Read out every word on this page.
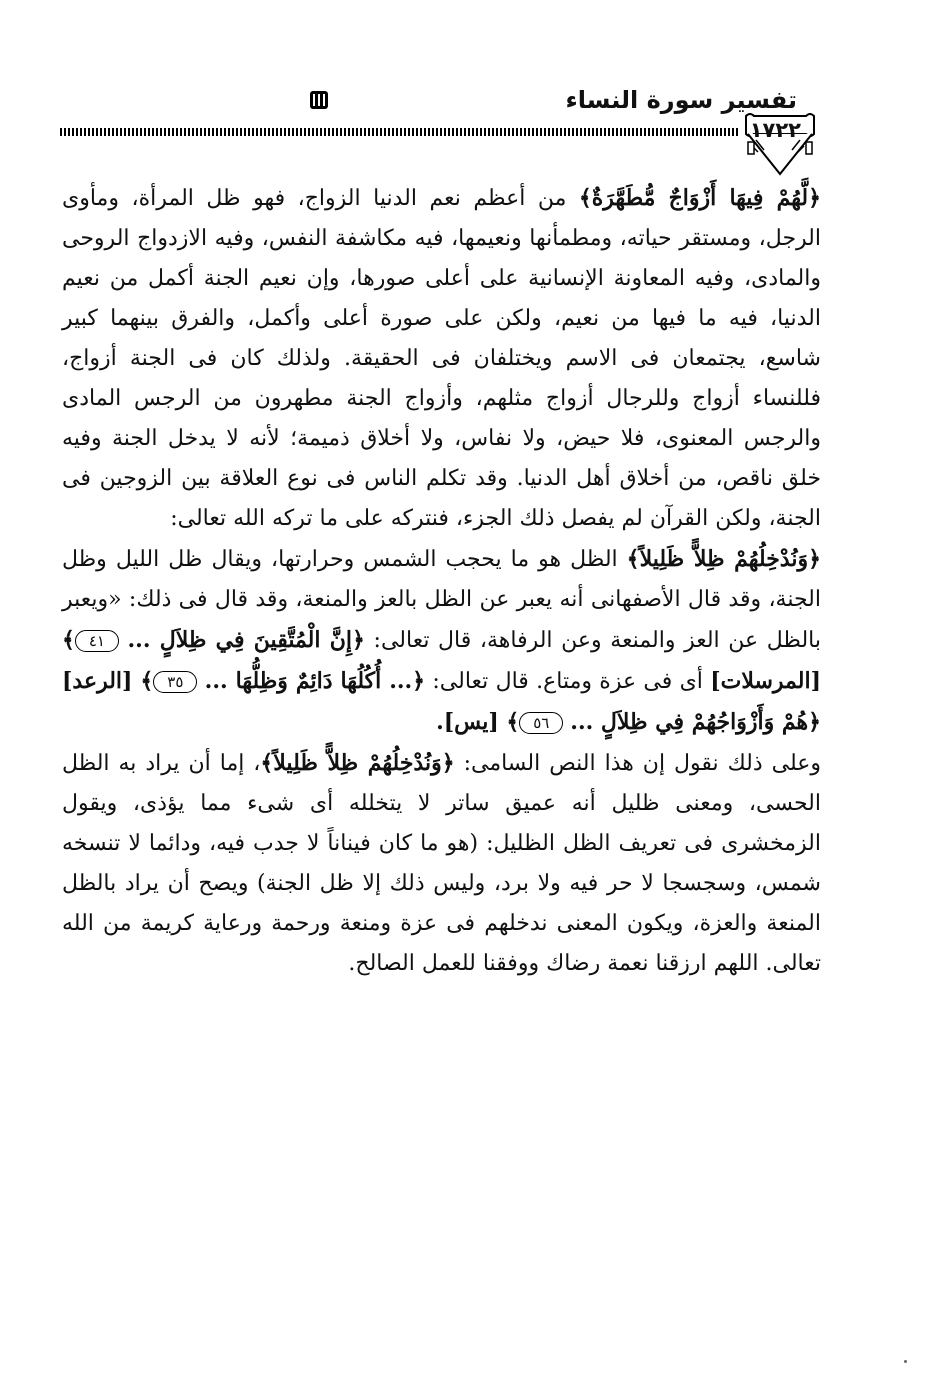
تفسير سورة النساء
١٧٢٢

﴿لَّهُمْ فِيهَا أَزْوَاجٌ مُّطَهَّرَةٌ﴾ من أعظم نعم الدنيا الزواج، فهو ظل المرأة، ومأوى الرجل، ومستقر حياته، ومطمأنها ونعيمها، فيه مكاشفة النفس، وفيه الازدواج الروحى والمادى، وفيه المعاونة الإنسانية على أعلى صورها، وإن نعيم الجنة أكمل من نعيم الدنيا، فيه ما فيها من نعيم، ولكن على صورة أعلى وأكمل، والفرق بينهما كبير شاسع، يجتمعان فى الاسم ويختلفان فى الحقيقة. ولذلك كان فى الجنة أزواج، فللنساء أزواج وللرجال أزواج مثلهم، وأزواج الجنة مطهرون من الرجس المادى والرجس المعنوى، فلا حيض، ولا نفاس، ولا أخلاق ذميمة؛ لأنه لا يدخل الجنة وفيه خلق ناقص، من أخلاق أهل الدنيا. وقد تكلم الناس فى نوع العلاقة بين الزوجين فى الجنة، ولكن القرآن لم يفصل ذلك الجزء، فنتركه على ما تركه الله تعالى:

﴿وَنُدْخِلُهُمْ ظِلاًّ ظَلِيلاً﴾ الظل هو ما يحجب الشمس وحرارتها، ويقال ظل الليل وظل الجنة، وقد قال الأصفهانى أنه يعبر عن الظل بالعز والمنعة، وقد قال فى ذلك: «ويعبر بالظل عن العز والمنعة وعن الرفاهة، قال تعالى: ﴿إِنَّ الْمُتَّقِينَ فِي ظِلاَلٍ ... ٤١﴾ [المرسلات] أى فى عزة ومتاع. قال تعالى: ﴿... أُكُلُهَا دَائِمٌ وَظِلُّهَا ... ٣٥﴾ [الرعد] ﴿هُمْ وَأَزْوَاجُهُمْ فِي ظِلاَلٍ ... ٥٦﴾ [يس].

وعلى ذلك نقول إن هذا النص السامى: ﴿وَنُدْخِلُهُمْ ظِلاًّ ظَلِيلاً﴾، إما أن يراد به الظل الحسى، ومعنى ظليل أنه عميق ساتر لا يتخلله أى شىء مما يؤذى، ويقول الزمخشرى فى تعريف الظل الظليل: (هو ما كان فيناناً لا جدب فيه، ودائما لا تنسخه شمس، وسجسجا لا حر فيه ولا برد، وليس ذلك إلا ظل الجنة) ويصح أن يراد بالظل المنعة والعزة، ويكون المعنى ندخلهم فى عزة ومنعة ورحمة ورعاية كريمة من الله تعالى. اللهم ارزقنا نعمة رضاك ووفقنا للعمل الصالح.
